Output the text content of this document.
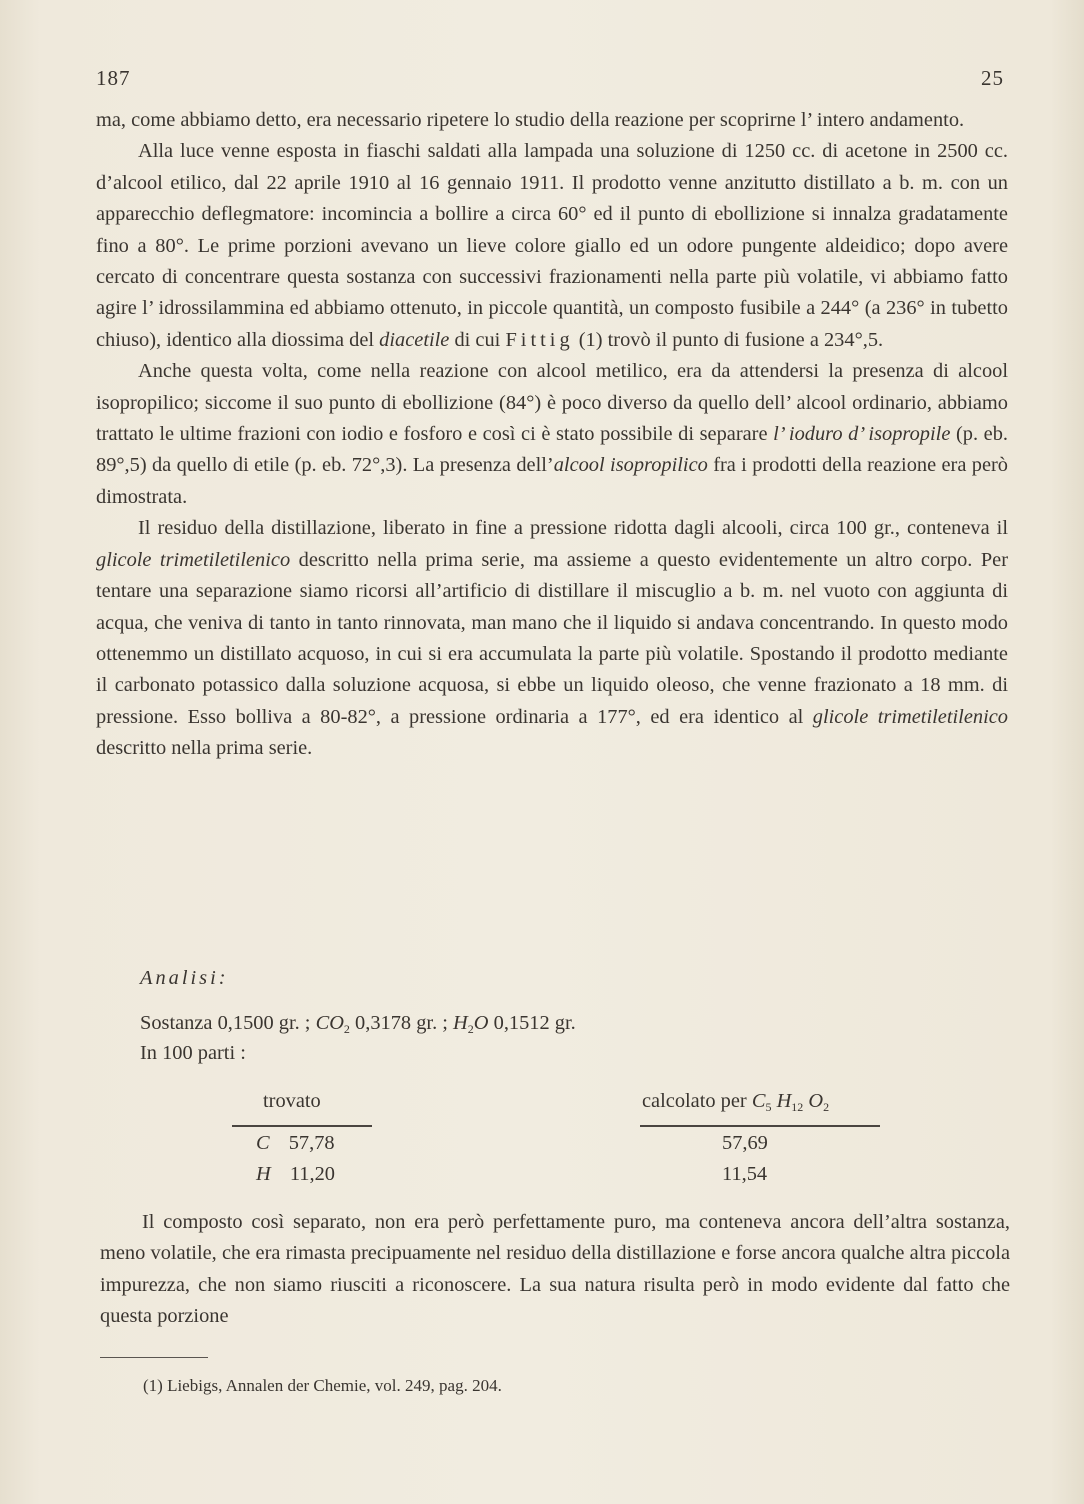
187	25

ma, come abbiamo detto, era necessario ripetere lo studio della reazione per scoprirne l’ intero andamento.

Alla luce venne esposta in fiaschi saldati alla lampada una soluzione di 1250 cc. di acetone in 2500 cc. d’alcool etilico, dal 22 aprile 1910 al 16 gennaio 1911. Il prodotto venne anzitutto distillato a b. m. con un apparecchio deflegmatore: incomincia a bollire a circa 60° ed il punto di ebollizione si innalza gradatamente fino a 80°. Le prime porzioni avevano un lieve colore giallo ed un odore pungente aldeidico; dopo avere cercato di concentrare questa sostanza con successivi frazionamenti nella parte più volatile, vi abbiamo fatto agire l’ idrossilammina ed abbiamo ottenuto, in piccole quantità, un composto fusibile a 244° (a 236° in tubetto chiuso), identico alla diossima del diacetile di cui Fittig (1) trovò il punto di fusione a 234°,5.

Anche questa volta, come nella reazione con alcool metilico, era da attendersi la presenza di alcool isopropilico; siccome il suo punto di ebollizione (84°) è poco diverso da quello dell’ alcool ordinario, abbiamo trattato le ultime frazioni con iodio e fosforo e così ci è stato possibile di separare l’ ioduro d’ isopropile (p. eb. 89°,5) da quello di etile (p. eb. 72°,3). La presenza dell’alcool isopropilico fra i prodotti della reazione era però dimostrata.

Il residuo della distillazione, liberato in fine a pressione ridotta dagli alcooli, circa 100 gr., conteneva il glicole trimetiletilenico descritto nella prima serie, ma assieme a questo evidentemente un altro corpo. Per tentare una separazione siamo ricorsi all’artificio di distillare il miscuglio a b. m. nel vuoto con aggiunta di acqua, che veniva di tanto in tanto rinnovata, man mano che il liquido si andava concentrando. In questo modo ottenemmo un distillato acquoso, in cui si era accumulata la parte più volatile. Spostando il prodotto mediante il carbonato potassico dalla soluzione acquosa, si ebbe un liquido oleoso, che venne frazionato a 18 mm. di pressione. Esso bolliva a 80-82°, a pressione ordinaria a 177°, ed era identico al glicole trimetiletilenico descritto nella prima serie.

Analisi:
Sostanza 0,1500 gr. ; $CO_2$ 0,3178 gr. ; $H_2O$ 0,1512 gr.
In 100 parti :
trovato	calcolato per $C_5$ $H_{12}$ $O_2$
C 57,78	57,69
H 11,20	11,54

Il composto così separato, non era però perfettamente puro, ma conteneva ancora dell’altra sostanza, meno volatile, che era rimasta precipuamente nel residuo della distillazione e forse ancora qualche altra piccola impurezza, che non siamo riusciti a riconoscere. La sua natura risulta però in modo evidente dal fatto che questa porzione

(1) Liebigs, Annalen der Chemie, vol. 249, pag. 204.
